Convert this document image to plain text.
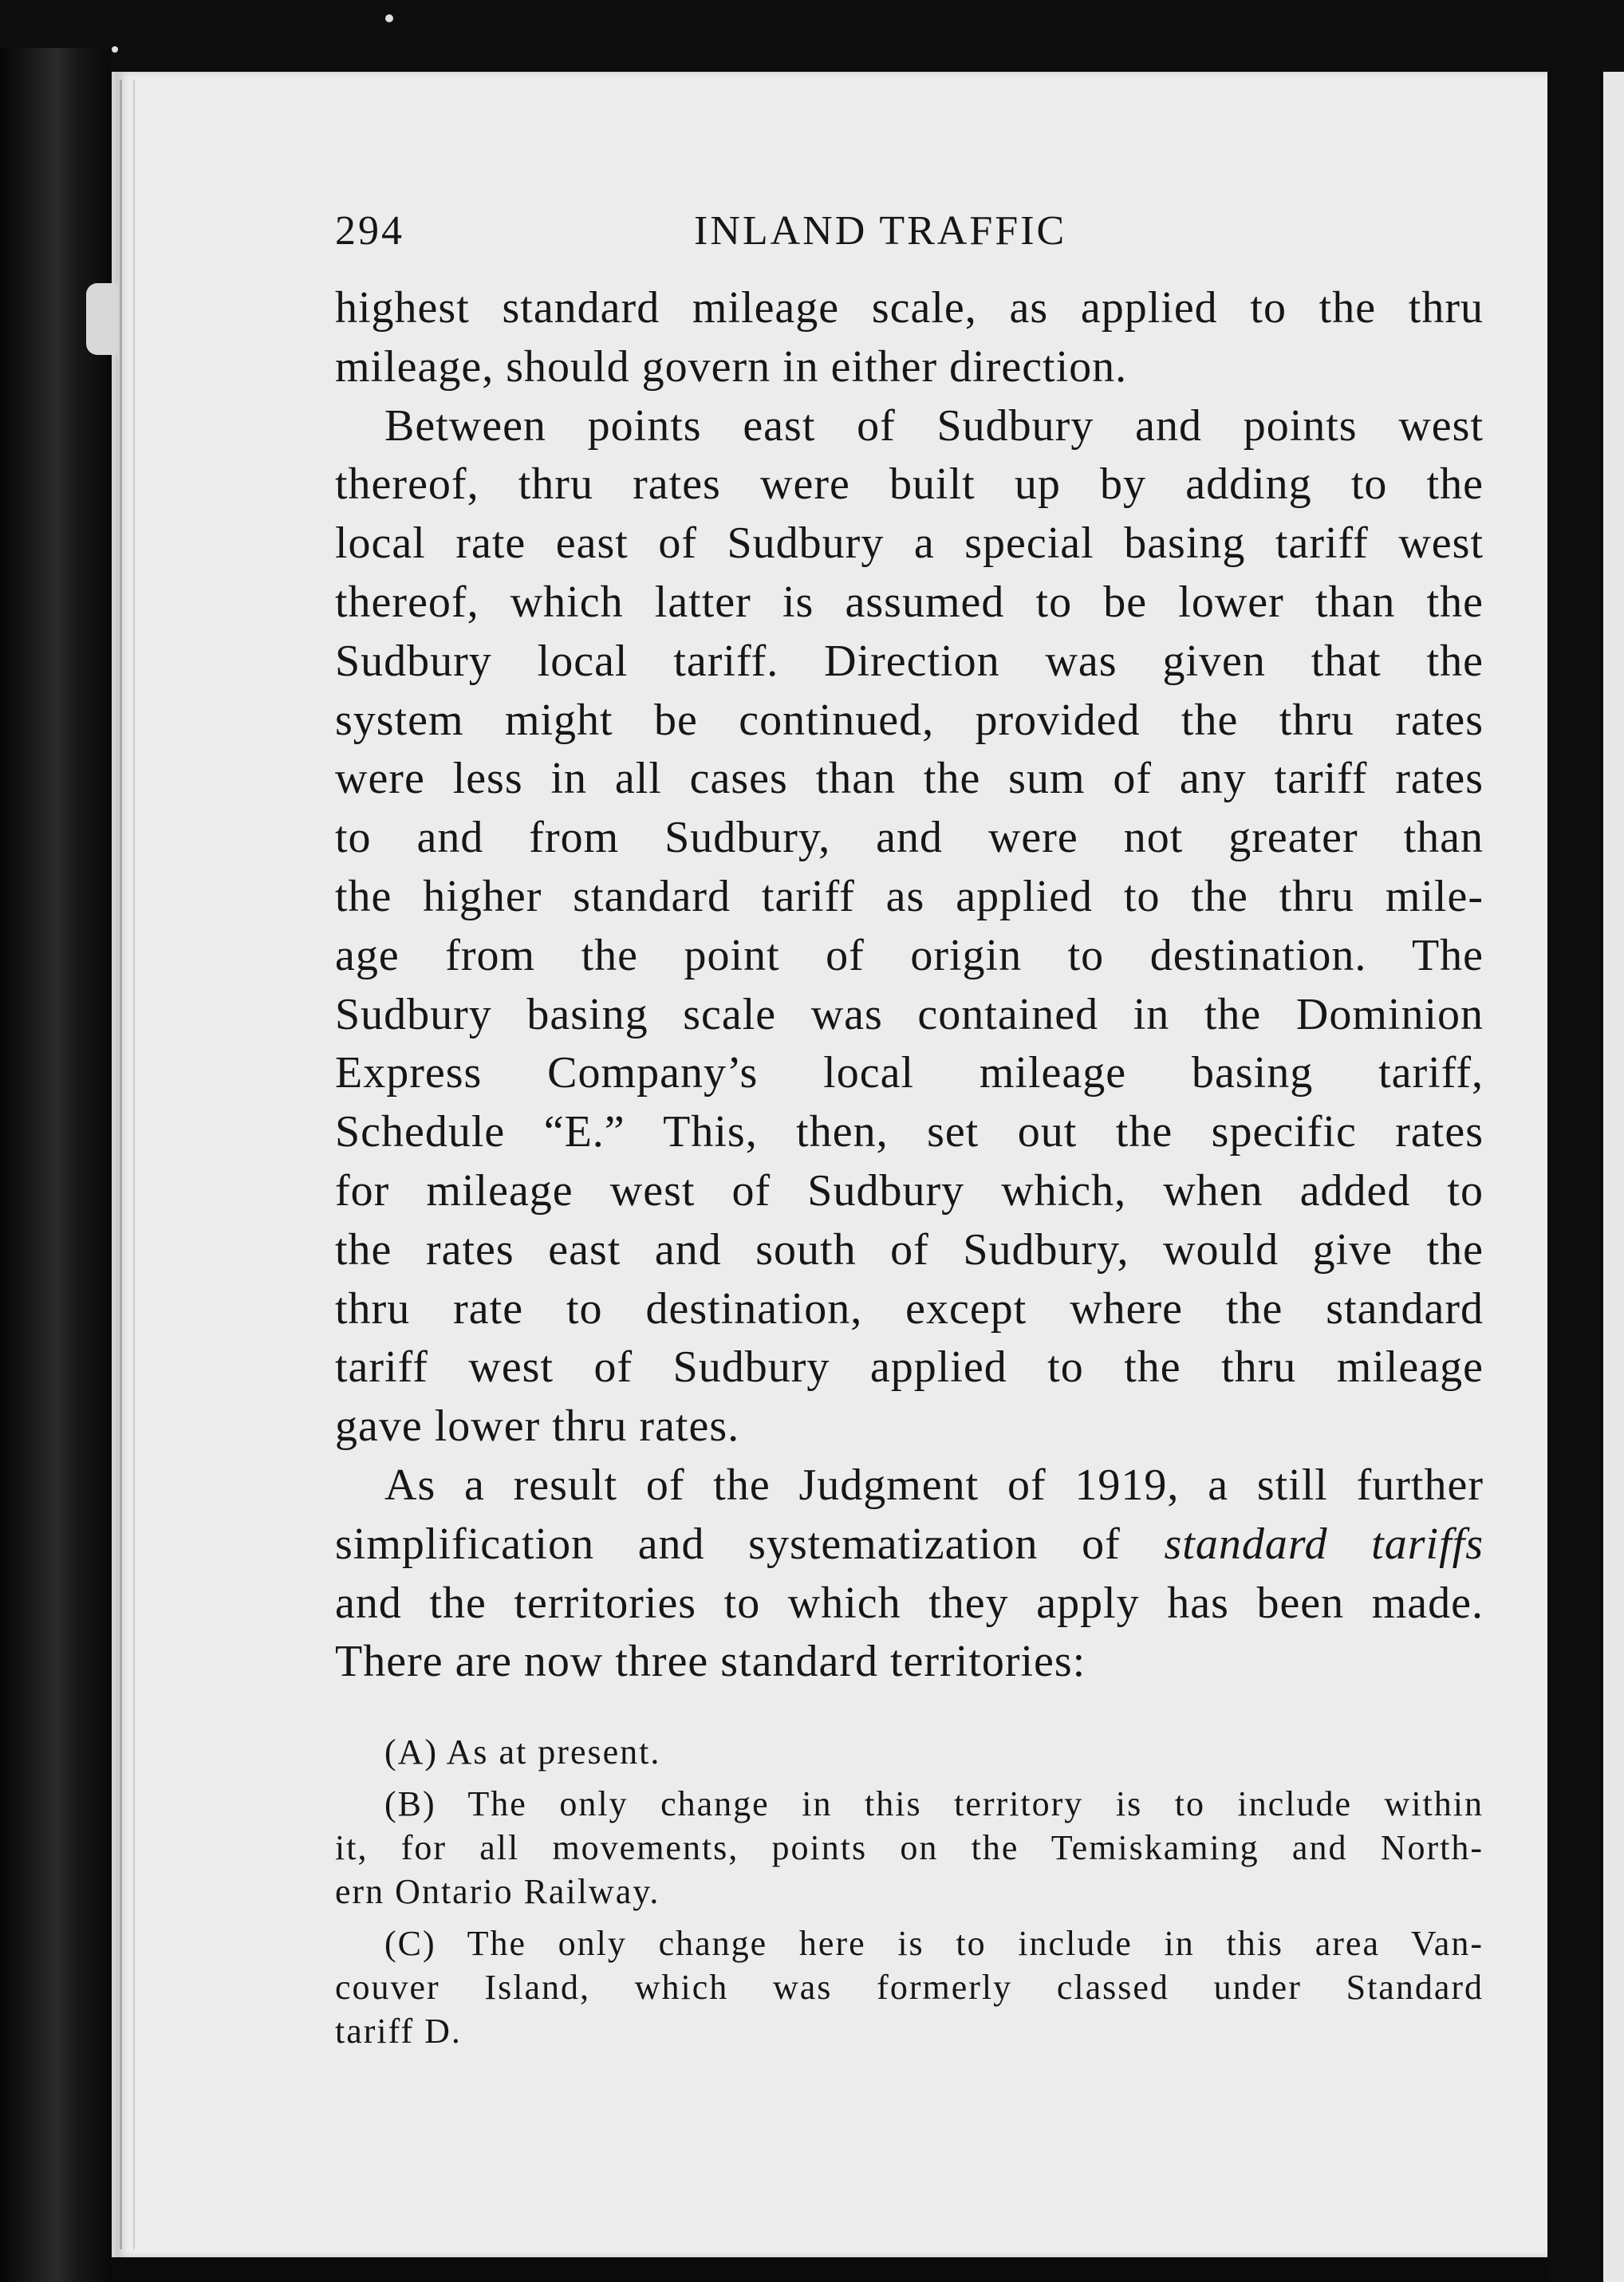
294	INLAND TRAFFIC
highest standard mileage scale, as applied to the thru
mileage, should govern in either direction.
Between points east of Sudbury and points west
thereof, thru rates were built up by adding to the
local rate east of Sudbury a special basing tariff west
thereof, which latter is assumed to be lower than the
Sudbury local tariff. Direction was given that the
system might be continued, provided the thru rates
were less in all cases than the sum of any tariff rates
to and from Sudbury, and were not greater than
the higher standard tariff as applied to the thru mile-
age from the point of origin to destination. The
Sudbury basing scale was contained in the Dominion
Express Company’s local mileage basing tariff,
Schedule “E.” This, then, set out the specific rates
for mileage west of Sudbury which, when added to
the rates east and south of Sudbury, would give the
thru rate to destination, except where the standard
tariff west of Sudbury applied to the thru mileage
gave lower thru rates.
As a result of the Judgment of 1919, a still further
simplification and systematization of standard tariffs
and the territories to which they apply has been made.
There are now three standard territories:
(A) As at present.
(B) The only change in this territory is to include within
it, for all movements, points on the Temiskaming and North-
ern Ontario Railway.
(C) The only change here is to include in this area Van-
couver Island, which was formerly classed under Standard
tariff D.
